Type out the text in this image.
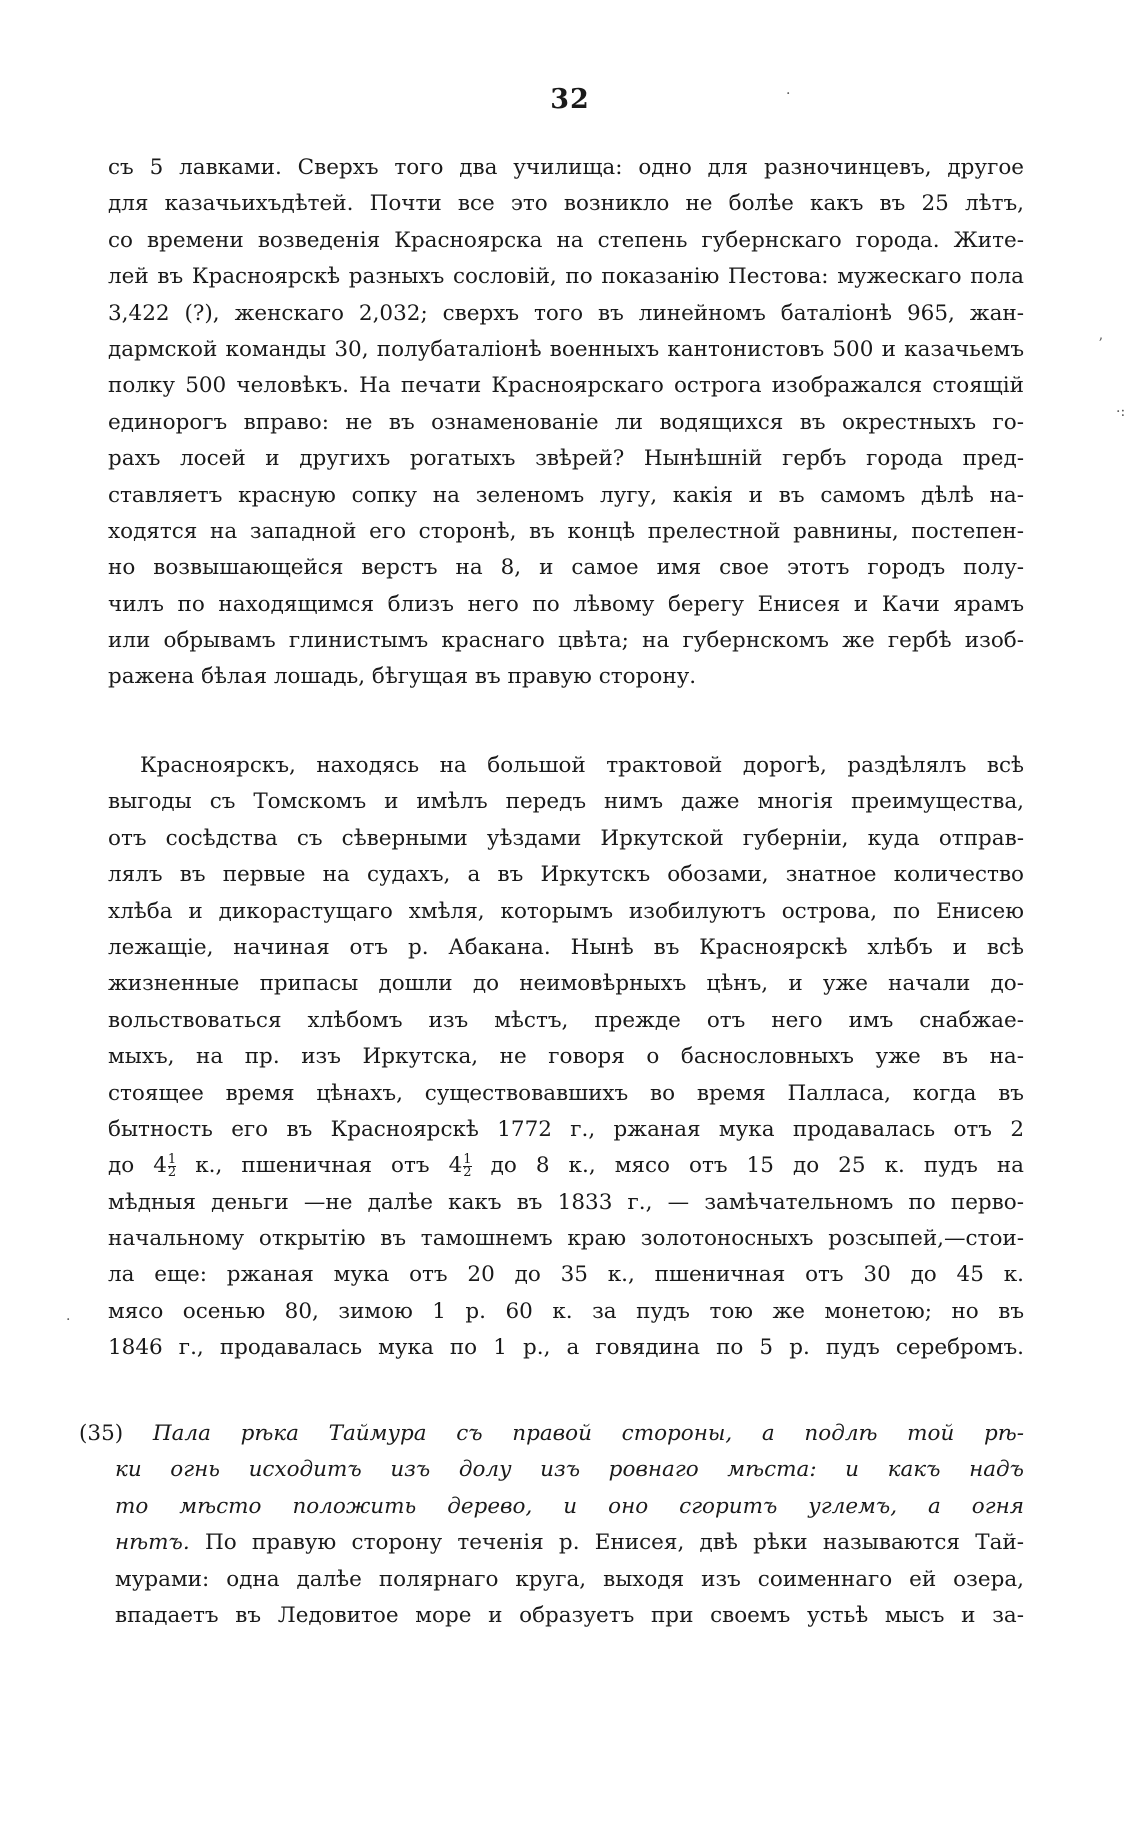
32	·
ʼ
·:
·
съ 5 лавками. Сверхъ того два училища: одно для разночинцевъ, другое
для казачьихъдѣтей. Почти все это возникло не болѣе какъ въ 25 лѣтъ,
со времени возведенія Красноярска на степень губернскаго города. Жите-
лей въ Красноярскѣ разныхъ сословій, по показанію Пестова: мужескаго пола
3,422 (?), женскаго 2,032; сверхъ того въ линейномъ баталіонѣ 965, жан-
дармской команды 30, полубаталіонѣ военныхъ кантонистовъ 500 и казачьемъ
полку 500 человѣкъ. На печати Красноярскаго острога изображался стоящій
единорогъ вправо: не въ ознаменованіе ли водящихся въ окрестныхъ го-
рахъ лосей и другихъ рогатыхъ звѣрей? Нынѣшній гербъ города пред-
ставляетъ красную сопку на зеленомъ лугу, какія и въ самомъ дѣлѣ на-
ходятся на западной его сторонѣ, въ концѣ прелестной равнины, постепен-
но возвышающейся верстъ на 8, и самое имя свое этотъ городъ полу-
чилъ по находящимся близъ него по лѣвому берегу Енисея и Качи ярамъ
или обрывамъ глинистымъ краснаго цвѣта; на губернскомъ же гербѣ изоб-
ражена бѣлая лошадь, бѣгущая въ правую сторону.
Красноярскъ, находясь на большой трактовой дорогѣ, раздѣлялъ всѣ
выгоды съ Томскомъ и имѣлъ передъ нимъ даже многія преимущества,
отъ сосѣдства съ сѣверными уѣздами Иркутской губерніи, куда отправ-
лялъ въ первые на судахъ, а въ Иркутскъ обозами, знатное количество
хлѣба и дикорастущаго хмѣля, которымъ изобилуютъ острова, по Енисею
лежащіе, начиная отъ р. Абакана. Нынѣ въ Красноярскѣ хлѣбъ и всѣ
жизненные припасы дошли до неимовѣрныхъ цѣнъ, и уже начали до-
вольствоваться хлѣбомъ изъ мѣстъ, прежде отъ него имъ снабжае-
мыхъ, на пр. изъ Иркутска, не говоря о баснословныхъ уже въ на-
стоящее время цѣнахъ, существовавшихъ во время Палласа, когда въ
бытность его въ Красноярскѣ 1772 г., ржаная мука продавалась отъ 2
до $4 \frac{1}{2} к$., пшеничная отъ $4 \frac{1}{2}$ до 8 к., мясо отъ 15 до 25 к. пудъ на
мѣдныя деньги —не далѣе какъ въ 1833 г., — замѣчательномъ по перво-
начальному открытію въ тамошнемъ краю золотоносныхъ розсыпей,—стои-
ла еще: ржаная мука отъ 20 до 35 к., пшеничная отъ 30 до 45 к.
мясо осенью 80, зимою 1 р. 60 к. за пудъ тою же монетою; но въ
1846 г., продавалась мука по 1 р., а говядина по 5 р. пудъ серебромъ.
(35) Пала рѣка Таймура съ правой стороны, а подлѣ той рѣ-
ки огнь исходитъ изъ долу изъ ровнаго мѣста: и какъ надъ
то мѣсто положить дерево, и оно сгоритъ углемъ, а огня
нѣтъ. По правую сторону теченія р. Енисея, двѣ рѣки называются Тай-
мурами: одна далѣе полярнаго круга, выходя изъ соименнаго ей озера,
впадаетъ въ Ледовитое море и образуетъ при своемъ устьѣ мысъ и за-
